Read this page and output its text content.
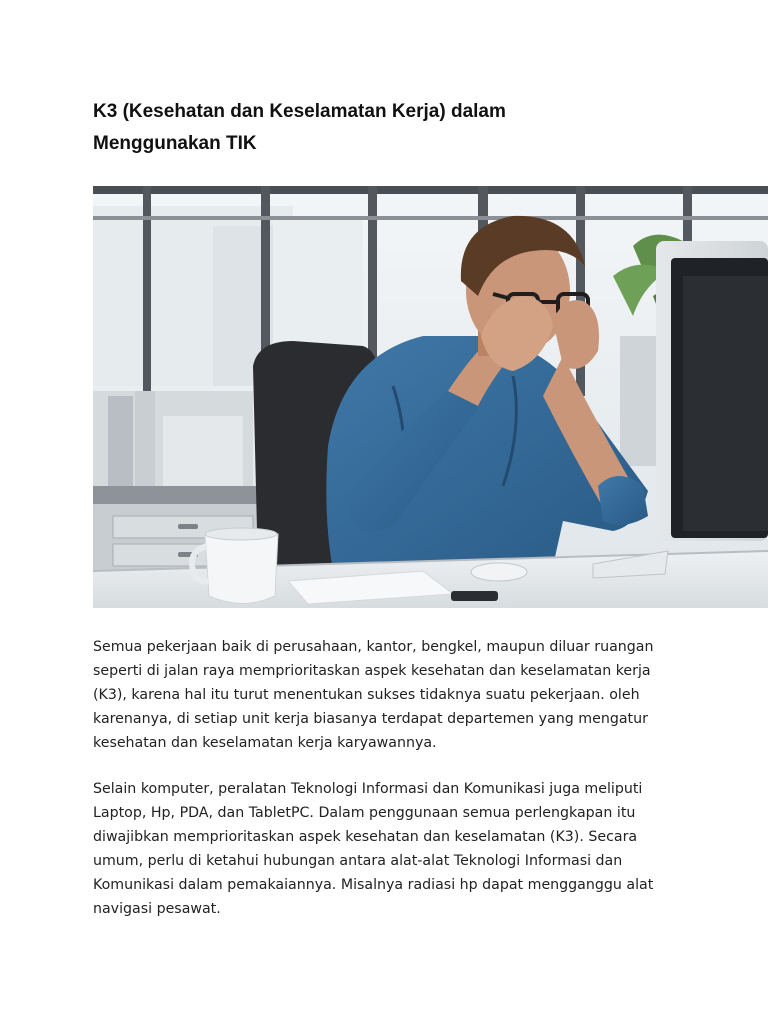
K3 (Kesehatan dan Keselamatan Kerja) dalam Menggunakan TIK

Semua pekerjaan baik di perusahaan, kantor, bengkel, maupun diluar ruangan seperti di jalan raya memprioritaskan aspek kesehatan dan keselamatan kerja (K3), karena hal itu turut menentukan sukses tidaknya suatu pekerjaan. oleh karenanya, di setiap unit kerja biasanya terdapat departemen yang mengatur kesehatan dan keselamatan kerja karyawannya.

Selain komputer, peralatan Teknologi Informasi dan Komunikasi juga meliputi Laptop, Hp, PDA, dan TabletPC. Dalam penggunaan semua perlengkapan itu diwajibkan memprioritaskan aspek kesehatan dan keselamatan (K3). Secara umum, perlu di ketahui hubungan antara alat-alat Teknologi Informasi dan Komunikasi dalam pemakaiannya. Misalnya radiasi hp dapat mengganggu alat navigasi pesawat.
